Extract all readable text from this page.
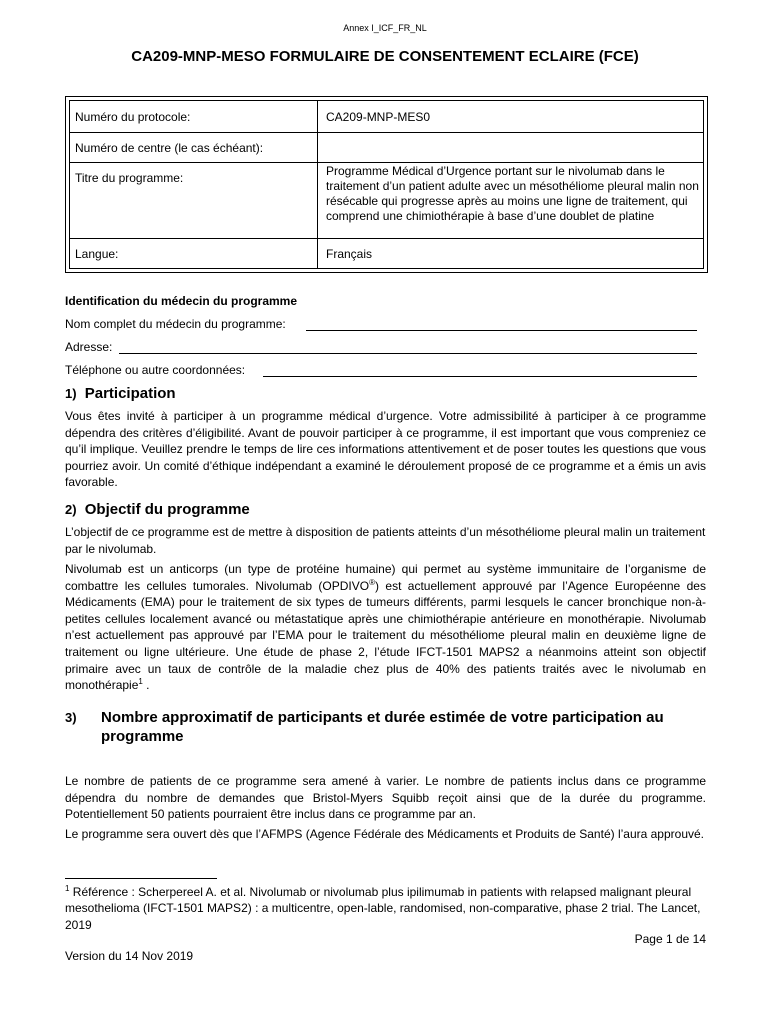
Annex I_ICF_FR_NL
CA209-MNP-MESO FORMULAIRE DE CONSENTEMENT ECLAIRE (FCE)
Numéro du protocole:	CA209-MNP-MES0
Numéro de centre (le cas échéant):
Titre du programme:	Programme Médical d’Urgence portant sur le nivolumab dans le traitement d’un patient adulte avec un mésothéliome pleural malin non résécable qui progresse après au moins une ligne de traitement, qui comprend une chimiothérapie à base d’une doublet de platine
Langue:	Français
Identification du médecin du programme
Nom complet du médecin du programme:
Adresse:
Téléphone ou autre coordonnées:
1) Participation

Vous êtes invité à participer à un programme médical d’urgence. Votre admissibilité à participer à ce programme dépendra des critères d’éligibilité. Avant de pouvoir participer à ce programme, il est important que vous compreniez ce qu’il implique. Veuillez prendre le temps de lire ces informations attentivement et de poser toutes les questions que vous pourriez avoir. Un comité d’éthique indépendant a examiné le déroulement proposé de ce programme et a émis un avis favorable.

2) Objectif du programme

L’objectif de ce programme est de mettre à disposition de patients atteints d’un mésothéliome pleural malin un traitement par le nivolumab.

Nivolumab est un anticorps (un type de protéine humaine) qui permet au système immunitaire de l’organisme de combattre les cellules tumorales. Nivolumab (OPDIVO®) est actuellement approuvé par l’Agence Européenne des Médicaments (EMA) pour le traitement de six types de tumeurs différents, parmi lesquels le cancer bronchique non-à-petites cellules localement avancé ou métastatique après une chimiothérapie antérieure en monothérapie. Nivolumab n’est actuellement pas approuvé par l’EMA pour le traitement du mésothéliome pleural malin en deuxième ligne de traitement ou ligne ultérieure. Une étude de phase 2, l’étude IFCT-1501 MAPS2 a néanmoins atteint son objectif primaire avec un taux de contrôle de la maladie chez plus de 40% des patients traités avec le nivolumab en monothérapie$^1$ .

3) Nombre approximatif de participants et durée estimée de votre participation au
programme

Le nombre de patients de ce programme sera amené à varier. Le nombre de patients inclus dans ce programme dépendra du nombre de demandes que Bristol-Myers Squibb reçoit ainsi que de la durée du programme. Potentiellement 50 patients pourraient être inclus dans ce programme par an.

Le programme sera ouvert dès que l’AFMPS (Agence Fédérale des Médicaments et Produits de Santé) l’aura approuvé.

$^1$ Référence : Scherpereel A. et al. Nivolumab or nivolumab plus ipilimumab in patients with relapsed malignant pleural mesothelioma (IFCT-1501 MAPS2) : a multicentre, open-lable, randomised, non-comparative, phase 2 trial. The Lancet, 2019

Page 1 de 14
Version du 14 Nov 2019
